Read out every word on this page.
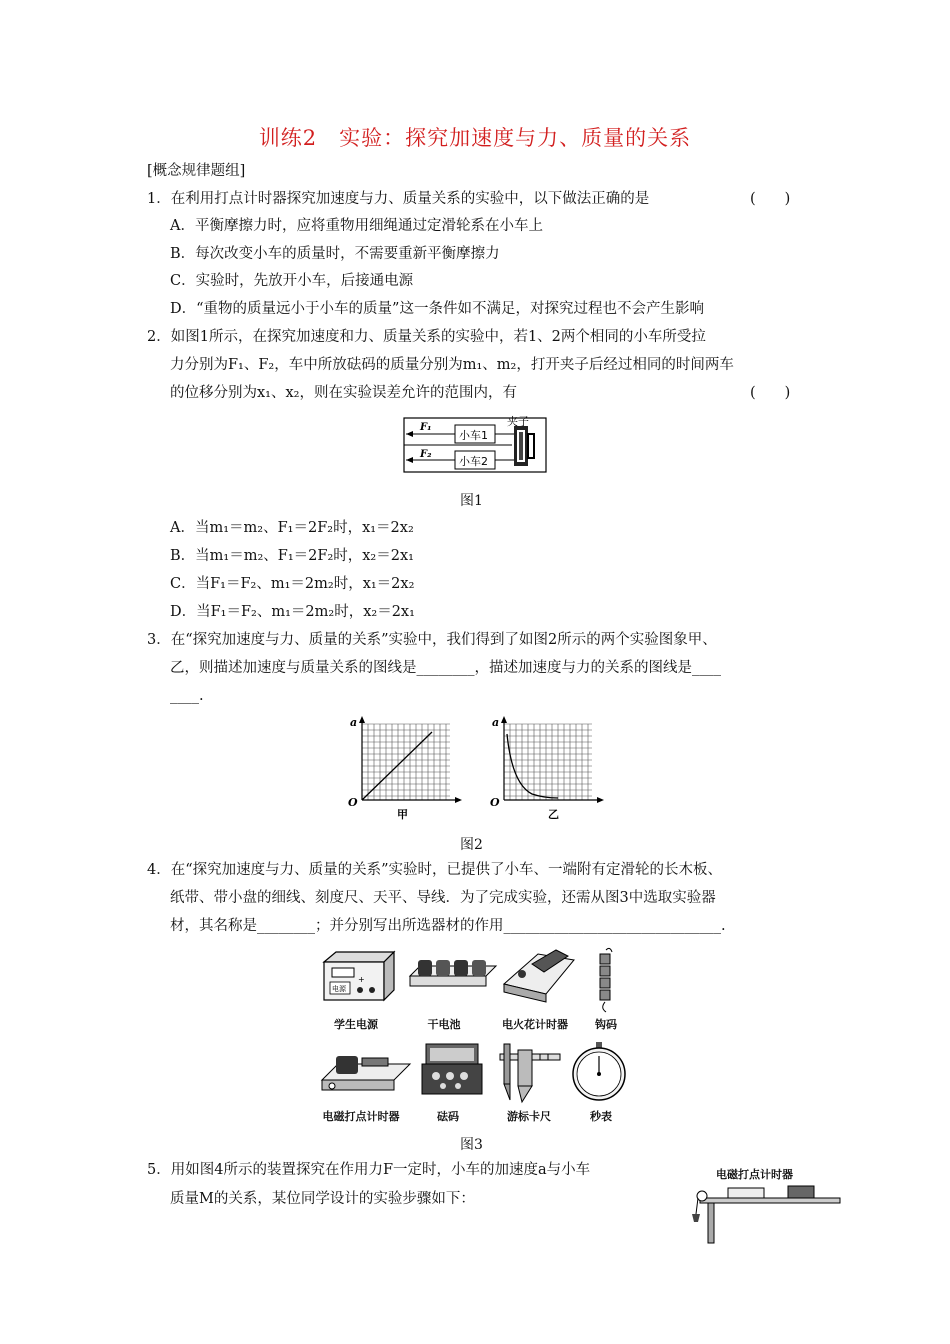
训练2　实验：探究加速度与力、质量的关系
[概念规律题组]
1．在利用打点计时器探究加速度与力、质量关系的实验中，以下做法正确的是	(　　)
A．平衡摩擦力时，应将重物用细绳通过定滑轮系在小车上
B．每次改变小车的质量时，不需要重新平衡摩擦力
C．实验时，先放开小车，后接通电源
D．“重物的质量远小于小车的质量”这一条件如不满足，对探究过程也不会产生影响
2．如图1所示，在探究加速度和力、质量关系的实验中，若1、2两个相同的小车所受拉
力分别为F₁、F₂，车中所放砝码的质量分别为m₁、m₂，打开夹子后经过相同的时间两车
的位移分别为x₁、x₂，则在实验误差允许的范围内，有	(　　)
F₁
F₂
小车1
小车2
夹子
图1
A．当m₁＝m₂、F₁＝2F₂时，x₁＝2x₂
B．当m₁＝m₂、F₁＝2F₂时，x₂＝2x₁
C．当F₁＝F₂、m₁＝2m₂时，x₁＝2x₂
D．当F₁＝F₂、m₁＝2m₂时，x₂＝2x₁
3．在“探究加速度与力、质量的关系”实验中，我们得到了如图2所示的两个实验图象甲、
乙，则描述加速度与质量关系的图线是________，描述加速度与力的关系的图线是____
____.
a
O
甲
a
O
乙
图2
4．在“探究加速度与力、质量的关系”实验时，已提供了小车、一端附有定滑轮的长木板、
纸带、带小盘的细线、刻度尺、天平、导线．为了完成实验，还需从图3中选取实验器
材，其名称是________；并分别写出所选器材的作用______________________________.
电源
+
学生电源	干电池	电火花计时器	钩码
电磁打点计时器	砝码	游标卡尺	秒表
图3
5．用如图4所示的装置探究在作用力F一定时，小车的加速度a与小车
质量M的关系，某位同学设计的实验步骤如下：
电磁打点计时器
